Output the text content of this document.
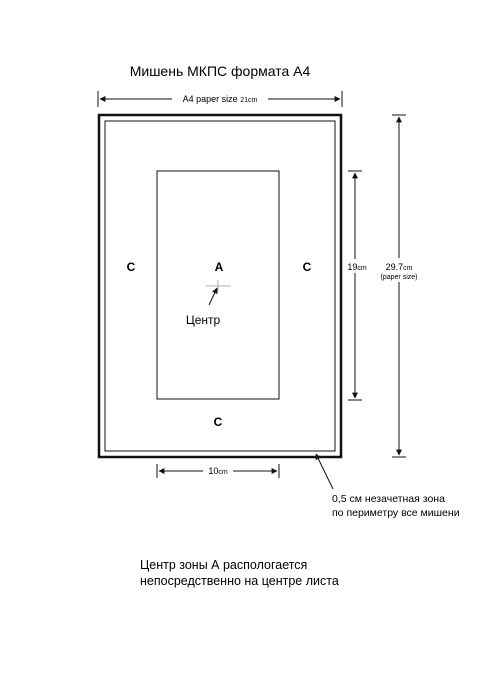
Мишень МКПС формата А4
A4 paper size 21cm
A
C	C
C
Центр
19cm 29.7cm
(paper size)
10cm
0,5 см незачетная зона
по периметру все мишени
Центр зоны А распологается
непосредственно на центре листа
